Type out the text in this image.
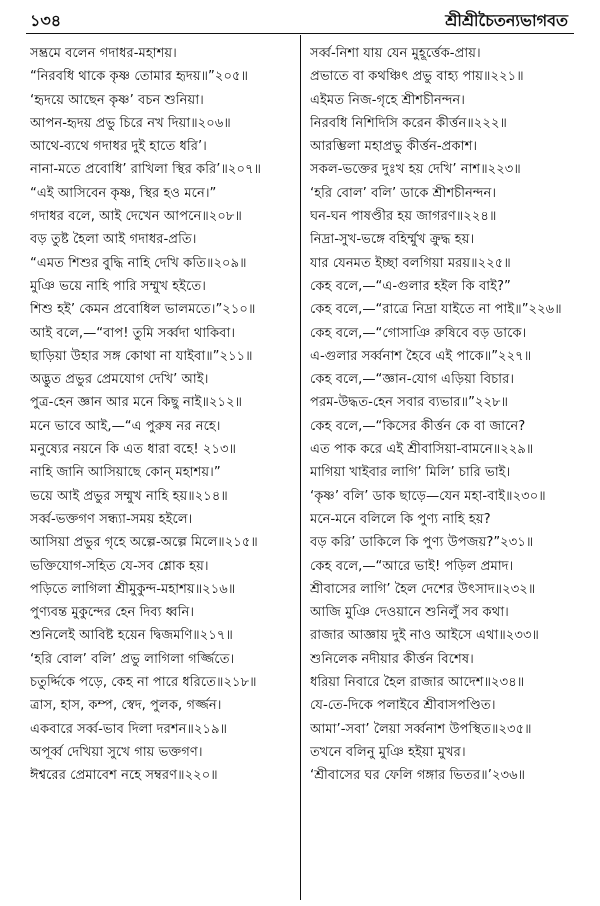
১৩৪	শ্রীশ্রীচৈতন্যভাগবত
সম্ভ্রমে বলেন গদাধর-মহাশয়।
“নিরবধি থাকে কৃষ্ণ তোমার হৃদয়॥”২০৫॥
‘হৃদয়ে আছেন কৃষ্ণ’ বচন শুনিয়া।
আপন-হৃদয় প্রভু চিরে নখ দিয়া॥২০৬॥
আথে-ব্যথে গদাধর দুই হাতে ধরি’।
নানা-মতে প্রবোধি’ রাখিলা স্থির করি’॥২০৭॥
“এই আসিবেন কৃষ্ণ, স্থির হও মনে।”
গদাধর বলে, আই দেখেন আপনে॥২০৮॥
বড় তুষ্ট হৈলা আই গদাধর-প্রতি।
“এমত শিশুর বুদ্ধি নাহি দেখি কতি॥২০৯॥
মুঞি ভয়ে নাহি পারি সম্মুখ হইতে।
শিশু হই’ কেমন প্রবোধিল ভালমতে।”২১০॥
আই বলে,—“বাপ! তুমি সর্ব্বদা থাকিবা।
ছাড়িয়া উহার সঙ্গ কোথা না যাইবা॥”২১১॥
অদ্ভুত প্রভুর প্রেমযোগ দেখি’ আই।
পুত্র-হেন জ্ঞান আর মনে কিছু নাই॥২১২॥
মনে ভাবে আই,—“এ পুরুষ নর নহে।
মনুষ্যের নয়নে কি এত ধারা বহে! ২১৩॥
নাহি জানি আসিয়াছে কোন্ মহাশয়।”
ভয়ে আই প্রভুর সম্মুখ নাহি হয়॥২১৪॥
সর্ব্ব-ভক্তগণ সন্ধ্যা-সময় হইলে।
আসিয়া প্রভুর গৃহে অল্পে-অল্পে মিলে॥২১৫॥
ভক্তিযোগ-সহিত যে-সব শ্লোক হয়।
পড়িতে লাগিলা শ্রীমুকুন্দ-মহাশয়॥২১৬॥
পুণ্যবন্ত মুকুন্দের হেন দিব্য ধ্বনি।
শুনিলেই আবিষ্ট হয়েন দ্বিজমণি॥২১৭॥
‘হরি বোল’ বলি’ প্রভু লাগিলা গর্জ্জিতে।
চতুর্দ্দিকে পড়ে, কেহ না পারে ধরিতে॥২১৮॥
ত্রাস, হাস, কম্প, স্বেদ, পুলক, গর্জ্জন।
একবারে সর্ব্ব-ভাব দিলা দরশন॥২১৯॥
অপূর্ব্ব দেখিয়া সুখে গায় ভক্তগণ।
ঈশ্বরের প্রেমাবেশ নহে সম্বরণ॥২২০॥
সর্ব্ব-নিশা যায় যেন মুহূর্ত্তেক-প্রায়।
প্রভাতে বা কথঞ্চিৎ প্রভু বাহ্য পায়॥২২১॥
এইমত নিজ-গৃহে শ্রীশচীনন্দন।
নিরবধি নিশিদিসি করেন কীর্ত্তন॥২২২॥
আরম্ভিলা মহাপ্রভু কীর্ত্তন-প্রকাশ।
সকল-ভক্তের দুঃখ হয় দেখি’ নাশ॥২২৩॥
‘হরি বোল’ বলি’ ডাকে শ্রীশচীনন্দন।
ঘন-ঘন পাষণ্ডীর হয় জাগরণ॥২২৪॥
নিদ্রা-সুখ-ভঙ্গে বহির্ম্মুখ ক্রুদ্ধ হয়।
যার যেনমত ইচ্ছা বলগিয়া মরয়॥২২৫॥
কেহ বলে,—“এ-গুলার হইল কি বাই?”
কেহ বলে,—“রাত্রে নিদ্রা যাইতে না পাই॥”২২৬॥
কেহ বলে,—“গোসাঞি রুষিবে বড় ডাকে।
এ-গুলার সর্ব্বনাশ হৈবে এই পাকে॥”২২৭॥
কেহ বলে,—“জ্ঞান-যোগ এড়িয়া বিচার।
পরম-উদ্ধত-হেন সবার ব্যভার॥”২২৮॥
কেহ বলে,—“কিসের কীর্ত্তন কে বা জানে?
এত পাক করে এই শ্রীবাসিয়া-বামনে॥২২৯॥
মাগিয়া খাইবার লাগি’ মিলি’ চারি ভাই।
‘কৃষ্ণ’ বলি’ ডাক ছাড়ে—যেন মহা-বাই॥২৩০॥
মনে-মনে বলিলে কি পুণ্য নাহি হয়?
বড় করি’ ডাকিলে কি পুণ্য উপজয়?”২৩১॥
কেহ বলে,—“আরে ভাই! পড়িল প্রমাদ।
শ্রীবাসের লাগি’ হৈল দেশের উৎসাদ॥২৩২॥
আজি মুঞি দেওয়ানে শুনিলুঁ সব কথা।
রাজার আজ্ঞায় দুই নাও আইসে এথা॥২৩৩॥
শুনিলেক নদীয়ার কীর্ত্তন বিশেষ।
ধরিয়া নিবারে হৈল রাজার আদেশ॥২৩৪॥
যে-তে-দিকে পলাইবে শ্রীবাসপণ্ডিত।
আমা’-সবা’ লৈয়া সর্ব্বনাশ উপস্থিত॥২৩৫॥
তখনে বলিনু মুঞি হইয়া মুখর।
‘শ্রীবাসের ঘর ফেলি গঙ্গার ভিতর॥’২৩৬॥
